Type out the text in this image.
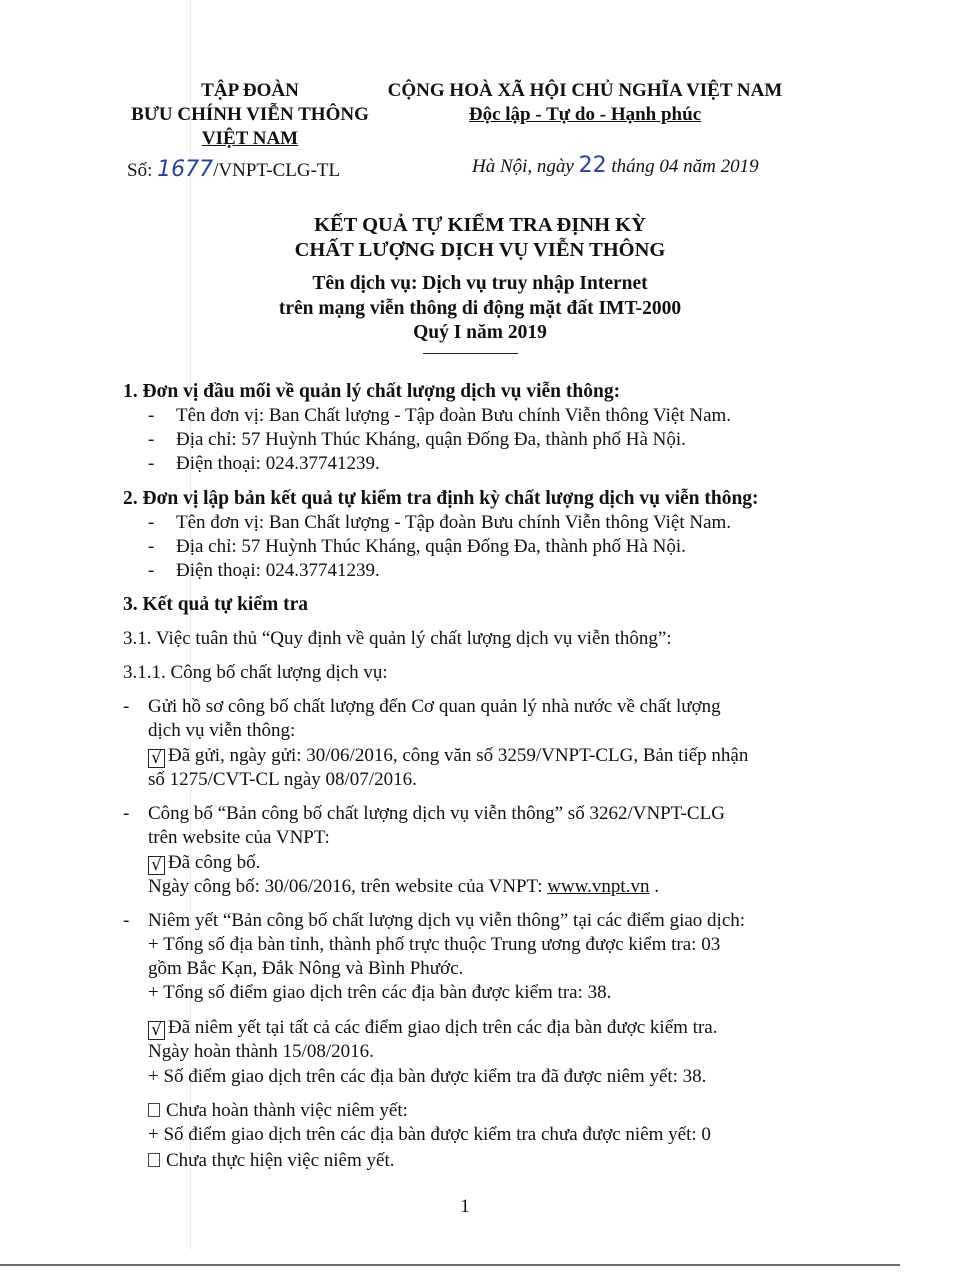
TẬP ĐOÀN
BƯU CHÍNH VIỄN THÔNG
VIỆT NAM
Số: 1677/VNPT-CLG-TL
CỘNG HOÀ XÃ HỘI CHỦ NGHĨA VIỆT NAM
Độc lập - Tự do - Hạnh phúc
Hà Nội, ngày 22 tháng 04 năm 2019
KẾT QUẢ TỰ KIỂM TRA ĐỊNH KỲ
CHẤT LƯỢNG DỊCH VỤ VIỄN THÔNG
Tên dịch vụ: Dịch vụ truy nhập Internet
trên mạng viễn thông di động mặt đất IMT-2000
Quý I năm 2019
1. Đơn vị đầu mối về quản lý chất lượng dịch vụ viễn thông:
- Tên đơn vị: Ban Chất lượng - Tập đoàn Bưu chính Viễn thông Việt Nam.
- Địa chỉ: 57 Huỳnh Thúc Kháng, quận Đống Đa, thành phố Hà Nội.
- Điện thoại: 024.37741239.
2. Đơn vị lập bản kết quả tự kiểm tra định kỳ chất lượng dịch vụ viễn thông:
- Tên đơn vị: Ban Chất lượng - Tập đoàn Bưu chính Viễn thông Việt Nam.
- Địa chỉ: 57 Huỳnh Thúc Kháng, quận Đống Đa, thành phố Hà Nội.
- Điện thoại: 024.37741239.
3. Kết quả tự kiểm tra
3.1. Việc tuân thủ “Quy định về quản lý chất lượng dịch vụ viễn thông”:
3.1.1. Công bố chất lượng dịch vụ:
- Gửi hồ sơ công bố chất lượng đến Cơ quan quản lý nhà nước về chất lượng
dịch vụ viễn thông:
√ Đã gửi, ngày gửi: 30/06/2016, công văn số 3259/VNPT-CLG, Bản tiếp nhận
số 1275/CVT-CL ngày 08/07/2016.
- Công bố “Bản công bố chất lượng dịch vụ viễn thông” số 3262/VNPT-CLG
trên website của VNPT:
√ Đã công bố.
Ngày công bố: 30/06/2016, trên website của VNPT: www.vnpt.vn .
- Niêm yết “Bản công bố chất lượng dịch vụ viễn thông” tại các điểm giao dịch:
+ Tổng số địa bàn tỉnh, thành phố trực thuộc Trung ương được kiểm tra: 03
gồm Bắc Kạn, Đắk Nông và Bình Phước.
+ Tổng số điểm giao dịch trên các địa bàn được kiểm tra: 38.
√ Đã niêm yết tại tất cả các điểm giao dịch trên các địa bàn được kiểm tra.
Ngày hoàn thành 15/08/2016.
+ Số điểm giao dịch trên các địa bàn được kiểm tra đã được niêm yết: 38.
Chưa hoàn thành việc niêm yết:
+ Số điểm giao dịch trên các địa bàn được kiểm tra chưa được niêm yết: 0
Chưa thực hiện việc niêm yết.
1
